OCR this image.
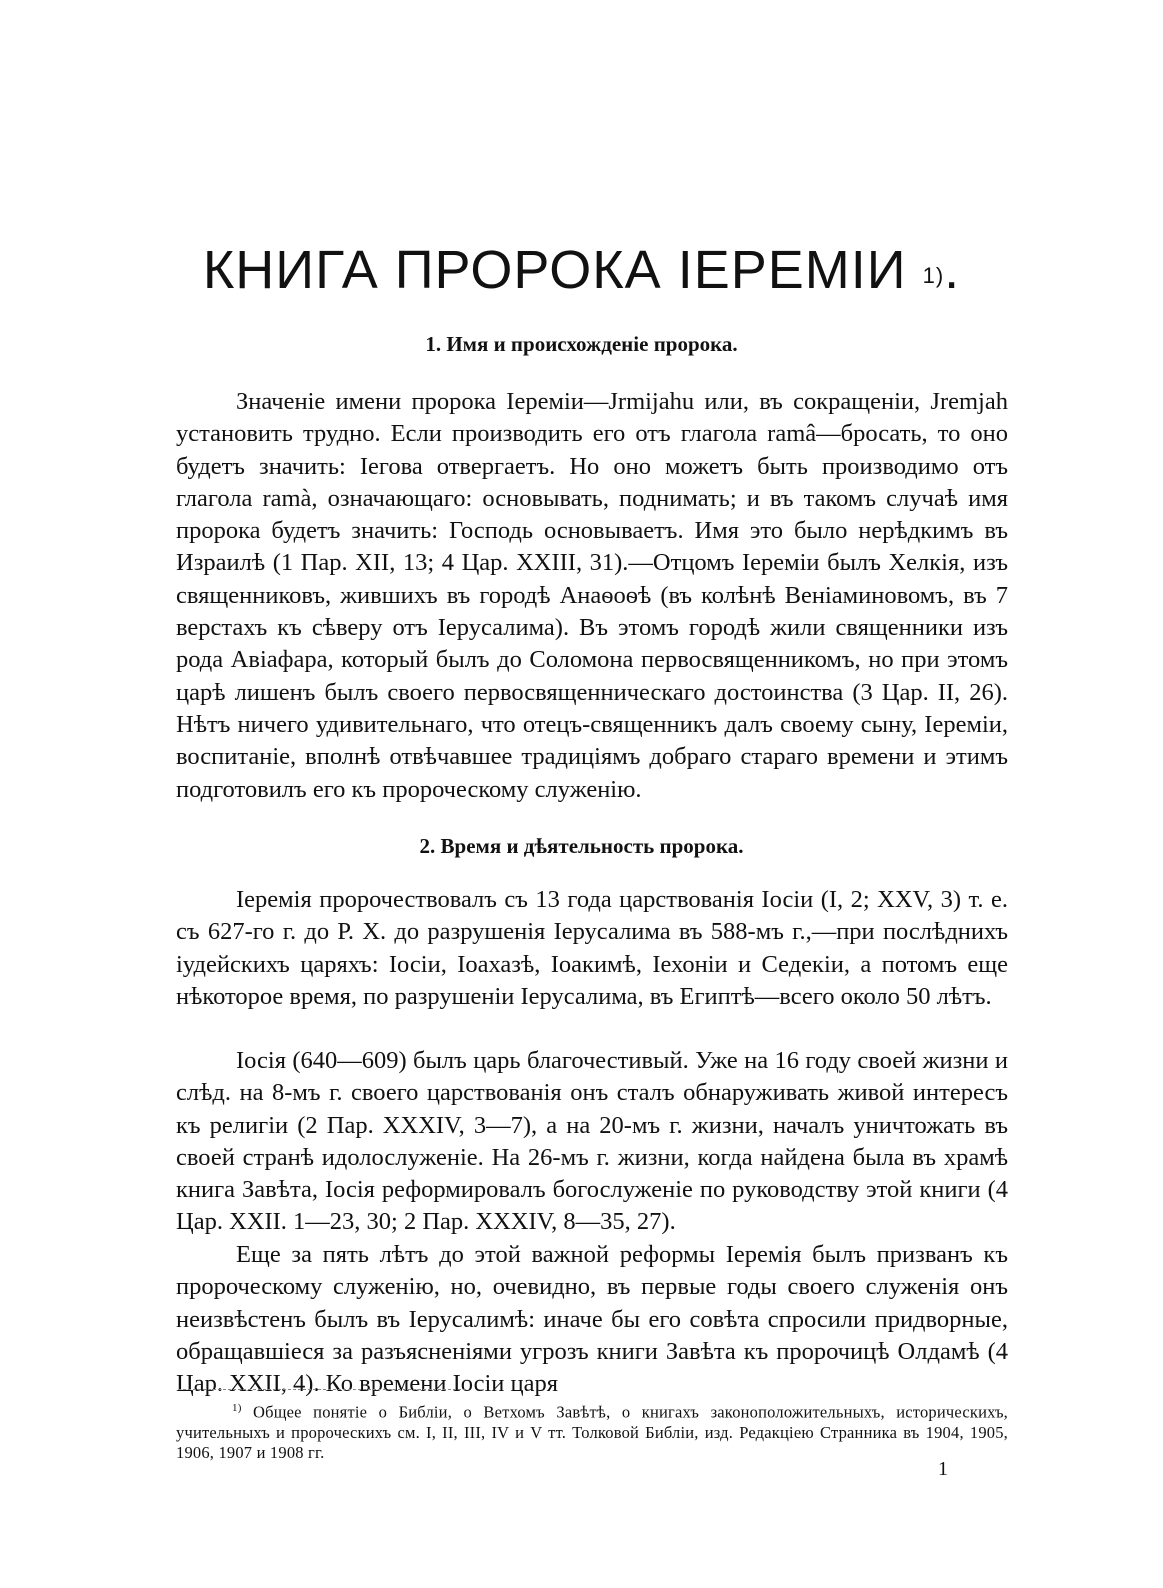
КНИГА ПРОРОКА ІЕРЕМІИ $^{1)}$.
1. Имя и происхожденіе пророка.

Значеніе имени пророка Іереміи—Jrmijahu или, въ сокращеніи, Jremjah установить трудно. Если производить его отъ глагола ramâ—бросать, то оно будетъ значить: Іегова отвергаетъ. Но оно можетъ быть производимо отъ глагола ramà, означающаго: основывать, поднимать; и въ такомъ случаѣ имя пророка будетъ значить: Господь основываетъ. Имя это было нерѣдкимъ въ Израилѣ (1 Пар. XII, 13; 4 Цар. XXIII, 31).—Отцомъ Іереміи былъ Хелкія, изъ священниковъ, жившихъ въ городѣ Анаѳоѳѣ (въ колѣнѣ Веніаминовомъ, въ 7 верстахъ къ сѣверу отъ Іерусалима). Въ этомъ городѣ жили священники изъ рода Авіафара, который былъ до Соломона первосвященникомъ, но при этомъ царѣ лишенъ былъ своего первосвященническаго достоинства (3 Цар. II, 26). Нѣтъ ничего удивительнаго, что отецъ-священникъ далъ своему сыну, Іереміи, воспитаніе, вполнѣ отвѣчавшее традиціямъ добраго стараго времени и этимъ подготовилъ его къ пророческому служенію.

2. Время и дѣятельность пророка.

Іеремія пророчествовалъ съ 13 года царствованія Іосіи (I, 2; XXV, 3) т. е. съ 627-го г. до Р. Х. до разрушенія Іерусалима въ 588-мъ г.,—при послѣднихъ іудейскихъ царяхъ: Іосіи, Іоахазѣ, Іоакимѣ, Іехоніи и Седекіи, а потомъ еще нѣкоторое время, по разрушеніи Іерусалима, въ Египтѣ—всего около 50 лѣтъ.

Іосія (640—609) былъ царь благочестивый. Уже на 16 году своей жизни и слѣд. на 8-мъ г. своего царствованія онъ сталъ обнаруживать живой интересъ къ религіи (2 Пар. XXXIV, 3—7), а на 20-мъ г. жизни, началъ уничтожать въ своей странѣ идолослуженіе. На 26-мъ г. жизни, когда найдена была въ храмѣ книга Завѣта, Іосія реформировалъ богослуженіе по руководству этой книги (4 Цар. XXII. 1—23, 30; 2 Пар. XXXIV, 8—35, 27).

Еще за пять лѣтъ до этой важной реформы Іеремія былъ призванъ къ пророческому служенію, но, очевидно, въ первые годы своего служенія онъ неизвѣстенъ былъ въ Іерусалимѣ: иначе бы его совѣта спросили придворные, обращавшіеся за разъясненіями угрозъ книги Завѣта къ пророчицѣ Олдамѣ (4 Цар. XXII, 4). Ко времени Іосіи царя

$^{1)}$ Общее понятіе о Библіи, о Ветхомъ Завѣтѣ, о книгахъ законоположительныхъ, историческихъ, учительныхъ и пророческихъ см. I, II, III, IV и V тт. Толковой Библіи, изд. Редакціею Странника въ 1904, 1905, 1906, 1907 и 1908 гг.

1
